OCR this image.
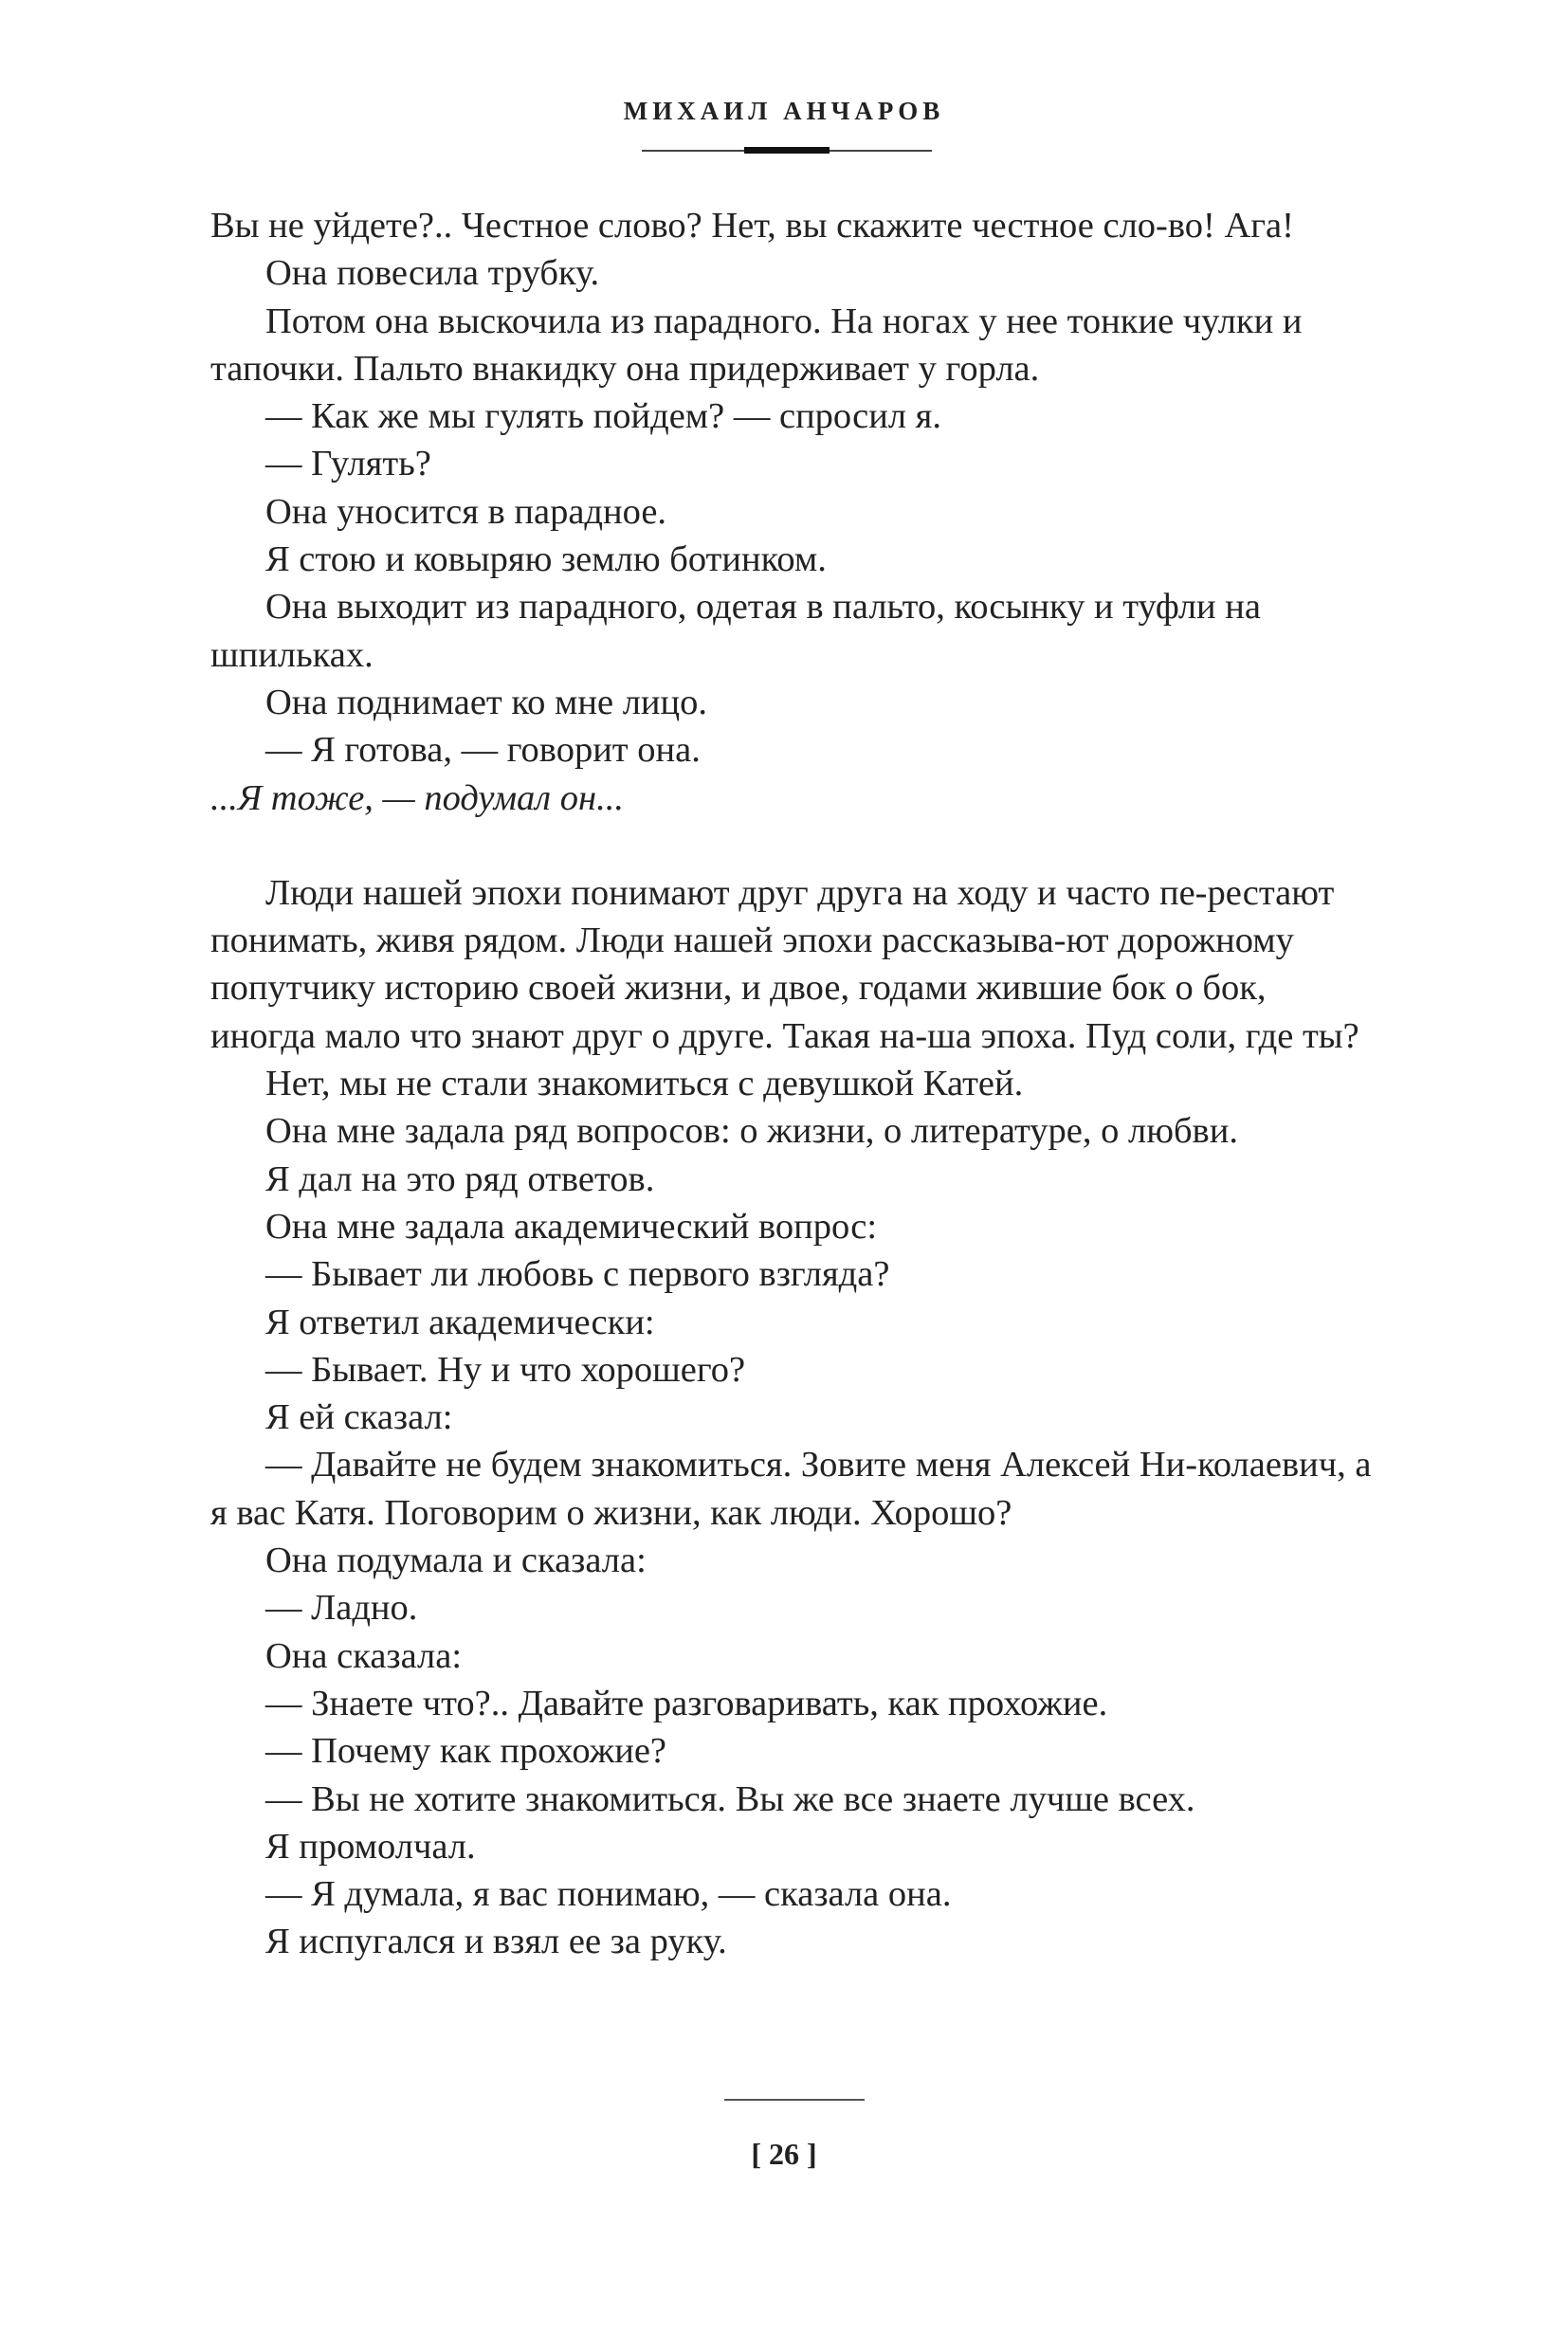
МИХАИЛ АНЧАРОВ

Вы не уйдете?.. Честное слово? Нет, вы скажите честное сло-во! Ага!

Она повесила трубку.

Потом она выскочила из парадного. На ногах у нее тонкие чулки и тапочки. Пальто внакидку она придерживает у горла.

— Как же мы гулять пойдем? — спросил я.

— Гулять?

Она уносится в парадное.

Я стою и ковыряю землю ботинком.

Она выходит из парадного, одетая в пальто, косынку и туфли на шпильках.

Она поднимает ко мне лицо.

— Я готова, — говорит она.

...Я тоже, — подумал он...

Люди нашей эпохи понимают друг друга на ходу и часто пе-рестают понимать, живя рядом. Люди нашей эпохи рассказыва-ют дорожному попутчику историю своей жизни, и двое, годами жившие бок о бок, иногда мало что знают друг о друге. Такая на-ша эпоха. Пуд соли, где ты?

Нет, мы не стали знакомиться с девушкой Катей.

Она мне задала ряд вопросов: о жизни, о литературе, о любви.

Я дал на это ряд ответов.

Она мне задала академический вопрос:

— Бывает ли любовь с первого взгляда?

Я ответил академически:

— Бывает. Ну и что хорошего?

Я ей сказал:

— Давайте не будем знакомиться. Зовите меня Алексей Ни-колаевич, а я вас Катя. Поговорим о жизни, как люди. Хорошо?

Она подумала и сказала:

— Ладно.

Она сказала:

— Знаете что?.. Давайте разговаривать, как прохожие.

— Почему как прохожие?

— Вы не хотите знакомиться. Вы же все знаете лучше всех.

Я промолчал.

— Я думала, я вас понимаю, — сказала она.

Я испугался и взял ее за руку.

[ 26 ]
